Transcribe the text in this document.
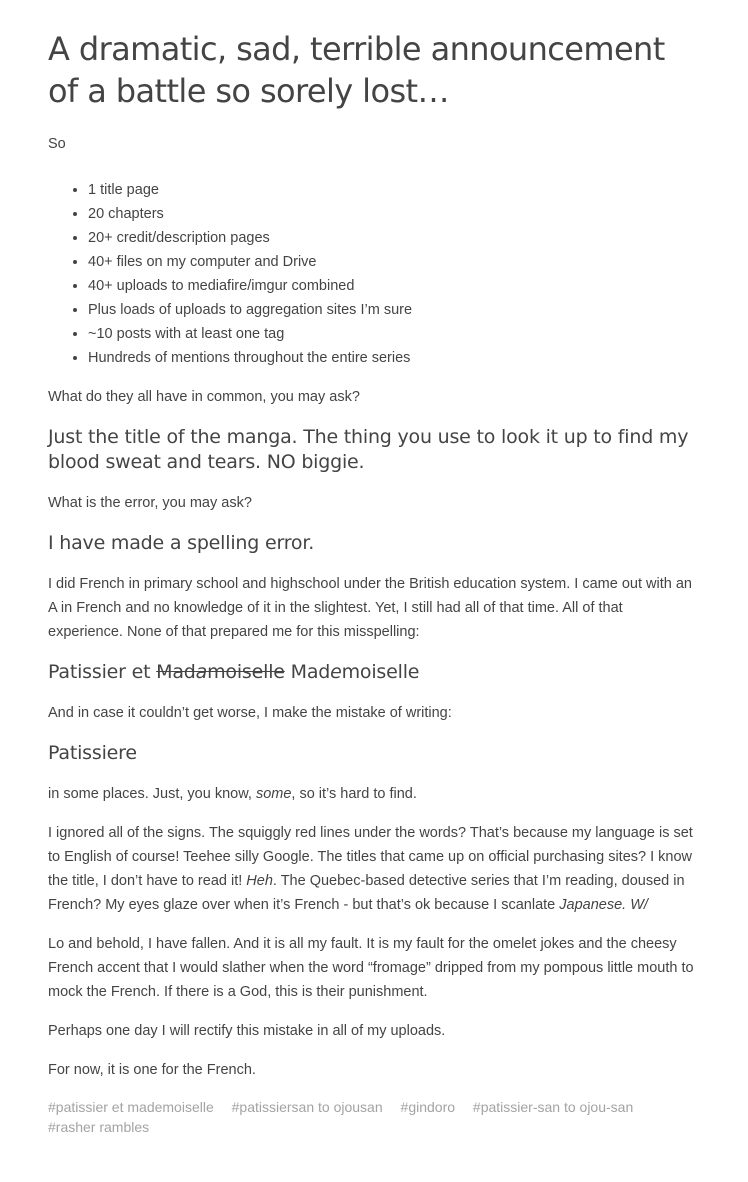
A dramatic, sad, terrible announcement of a battle so sorely lost…

So

• 1 title page
• 20 chapters
• 20+ credit/description pages
• 40+ files on my computer and Drive
• 40+ uploads to mediafire/imgur combined
• Plus loads of uploads to aggregation sites I’m sure
• ~10 posts with at least one tag
• Hundreds of mentions throughout the entire series

What do they all have in common, you may ask?

Just the title of the manga. The thing you use to look it up to find my blood sweat and tears. NO biggie.

What is the error, you may ask?

I have made a spelling error.

I did French in primary school and highschool under the British education system. I came out with an A in French and no knowledge of it in the slightest. Yet, I still had all of that time. All of that experience. None of that prepared me for this misspelling:

Patissier et Madamoiselle Mademoiselle

And in case it couldn’t get worse, I make the mistake of writing:

Patissiere

in some places. Just, you know, some, so it’s hard to find.

I ignored all of the signs. The squiggly red lines under the words? That’s because my language is set to English of course! Teehee silly Google. The titles that came up on official purchasing sites? I know the title, I don’t have to read it! Heh. The Quebec-based detective series that I’m reading, doused in French? My eyes glaze over when it’s French - but that’s ok because I scanlate Japanese. W/

Lo and behold, I have fallen. And it is all my fault. It is my fault for the omelet jokes and the cheesy French accent that I would slather when the word “fromage” dripped from my pompous little mouth to mock the French. If there is a God, this is their punishment.

Perhaps one day I will rectify this mistake in all of my uploads.

For now, it is one for the French.

#patissier et mademoiselle #patissiersan to ojousan #gindoro #patissier-san to ojou-san
#rasher rambles
